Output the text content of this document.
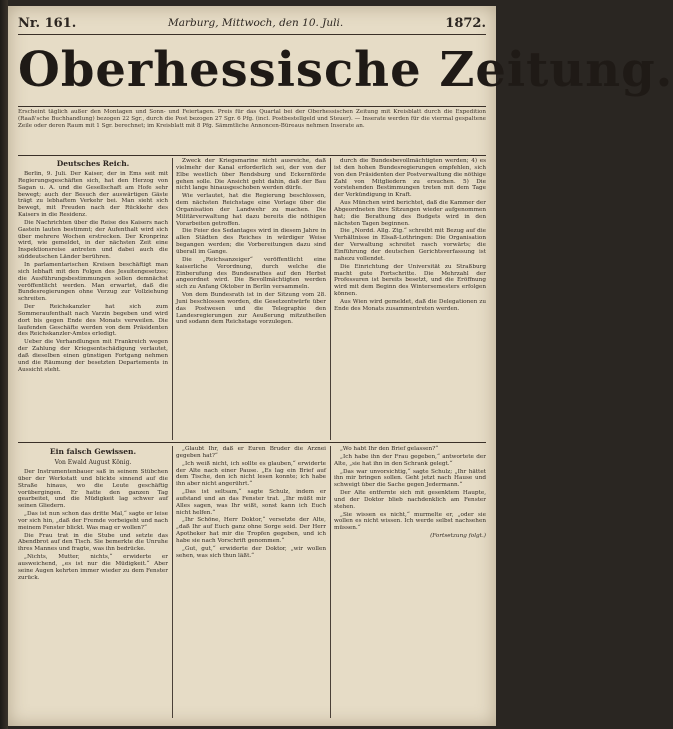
Nr. 161.	Marburg, Mittwoch, den 10. Juli.	1872.
Oberhessische Zeitung.
Erscheint täglich außer den Montagen und Sonn- und Feiertagen. Preis für das Quartal bei der Oberhessischen Zeitung mit Kreisblatt durch die Expedition (Raaß'sche Buchhandlung) bezogen 22 Sgr., durch die Post bezogen 27 Sgr. 6 Pfg. (incl. Postbestellgeld und Steuer). — Inserate werden für die viermal gespaltene Zeile oder deren Raum mit 1 Sgr. berechnet; im Kreisblatt mit 8 Pfg. Sämmtliche Annoncen-Büreaus nehmen Inserate an.
Deutsches Reich.

Berlin, 9. Juli. Der Kaiser, der in Ems seit mit Regierungsgeschäften sich, hat den Herzog von Sagan u. A. und die Gesellschaft am Hofe sehr bewegt; auch der Besuch der auswärtigen Gäste trägt zu lebhaftem Verkehr bei. Man sieht sich bewegt, mit Freuden nach der Rückkehr des Kaisers in die Residenz.

Die Nachrichten über die Reise des Kaisers nach Gastein lauten bestimmt; der Aufenthalt wird sich über mehrere Wochen erstrecken. Der Kronprinz wird, wie gemeldet, in der nächsten Zeit eine Inspektionsreise antreten und dabei auch die süddeutschen Länder berühren.

In parlamentarischen Kreisen beschäftigt man sich lebhaft mit den Folgen des Jesuitengesetzes; die Ausführungsbestimmungen sollen demnächst veröffentlicht werden. Man erwartet, daß die Bundesregierungen ohne Verzug zur Vollziehung schreiten.

Der Reichskanzler hat sich zum Sommeraufenthalt nach Varzin begeben und wird dort bis gegen Ende des Monats verweilen. Die laufenden Geschäfte werden von dem Präsidenten des Reichskanzler-Amtes erledigt.

Ueber die Verhandlungen mit Frankreich wegen der Zahlung der Kriegsentschädigung verlautet, daß dieselben einen günstigen Fortgang nehmen und die Räumung der besetzten Departements in Aussicht steht.

Zweck der Kriegsmarine nicht ausreiche, daß vielmehr der Kanal erforderlich sei, der von der Elbe westlich über Rendsburg und Eckernförde gehen solle. Die Ansicht geht dahin, daß der Bau nicht lange hinausgeschoben werden dürfe.

Wie verlautet, hat die Regierung beschlossen, dem nächsten Reichstage eine Vorlage über die Organisation der Landwehr zu machen. Die Militärverwaltung hat dazu bereits die nöthigen Vorarbeiten getroffen.

Die Feier des Sedantages wird in diesem Jahre in allen Städten des Reiches in würdiger Weise begangen werden; die Vorbereitungen dazu sind überall im Gange.

Die „Reichsanzeiger“ veröffentlicht eine kaiserliche Verordnung, durch welche die Einberufung des Bundesrathes auf den Herbst angeordnet wird. Die Bevollmächtigten werden sich zu Anfang Oktober in Berlin versammeln.

Von dem Bundesrath ist in der Sitzung vom 28. Juni beschlossen worden, die Gesetzentwürfe über das Postwesen und die Telegraphie den Landesregierungen zur Aeußerung mitzutheilen und sodann dem Reichstage vorzulegen.

durch die Bundesbevollmächtigten werden; 4) es ist den hohen Bundesregierungen empfehlen, sich von den Präsidenten der Postverwaltung die nöthige Zahl von Mitgliedern zu ersuchen. 5) Die vorstehenden Bestimmungen treten mit dem Tage der Verkündigung in Kraft.

Aus München wird berichtet, daß die Kammer der Abgeordneten ihre Sitzungen wieder aufgenommen hat; die Berathung des Budgets wird in den nächsten Tagen beginnen.

Die „Nordd. Allg. Ztg.“ schreibt mit Bezug auf die Verhältnisse in Elsaß-Lothringen: Die Organisation der Verwaltung schreitet rasch vorwärts; die Einführung der deutschen Gerichtsverfassung ist nahezu vollendet.

Die Einrichtung der Universität zu Straßburg macht gute Fortschritte. Die Mehrzahl der Professuren ist bereits besetzt, und die Eröffnung wird mit dem Beginn des Wintersemesters erfolgen können.

Aus Wien wird gemeldet, daß die Delegationen zu Ende des Monats zusammentreten werden.

Ein falsch Gewissen.
Von Ewald August König.

Der Instrumentenbauer saß in seinem Stübchen über der Werkstatt und blickte sinnend auf die Straße hinaus, wo die Leute geschäftig vorübergingen. Er hatte den ganzen Tag gearbeitet, und die Müdigkeit lag schwer auf seinen Gliedern.

„Das ist nun schon das dritte Mal,“ sagte er leise vor sich hin, „daß der Fremde vorbeigeht und nach meinem Fenster blickt. Was mag er wollen?“

Die Frau trat in die Stube und setzte das Abendbrot auf den Tisch. Sie bemerkte die Unruhe ihres Mannes und fragte, was ihn bedrücke.

„Nichts, Mutter, nichts,“ erwiderte er ausweichend, „es ist nur die Müdigkeit.“ Aber seine Augen kehrten immer wieder zu dem Fenster zurück.

„Glaubt Ihr, daß er Euren Bruder die Arznei gegeben hat?“

„Ich weiß nicht, ich sollte es glauben,“ erwiderte der Alte nach einer Pause. „Es lag ein Brief auf dem Tische, den ich nicht lesen konnte; ich habe ihn aber nicht angerührt.“

„Das ist seltsam,“ sagte Schulz, indem er aufstand und an das Fenster trat. „Ihr müßt mir Alles sagen, was Ihr wißt, sonst kann ich Euch nicht helfen.“

„Ihr Schöne, Herr Doktor,“ versetzte der Alte, „daß Ihr auf Euch ganz ohne Sorge seid. Der Herr Apotheker hat mir die Tropfen gegeben, und ich habe sie nach Vorschrift genommen.“

„Gut, gut,“ erwiderte der Doktor, „wir wollen sehen, was sich thun läßt.“

„Wo habt Ihr den Brief gelassen?“

„Ich habe ihn der Frau gegeben,“ antwortete der Alte, „sie hat ihn in den Schrank gelegt.“

„Das war unvorsichtig,“ sagte Schulz; „Ihr hättet ihn mir bringen sollen. Geht jetzt nach Hause und schweigt über die Sache gegen Jedermann.“

Der Alte entfernte sich mit gesenktem Haupte, und der Doktor blieb nachdenklich am Fenster stehen.

„Sie wissen es nicht,“ murmelte er, „oder sie wollen es nicht wissen. Ich werde selbst nachsehen müssen.“

(Fortsetzung folgt.)
